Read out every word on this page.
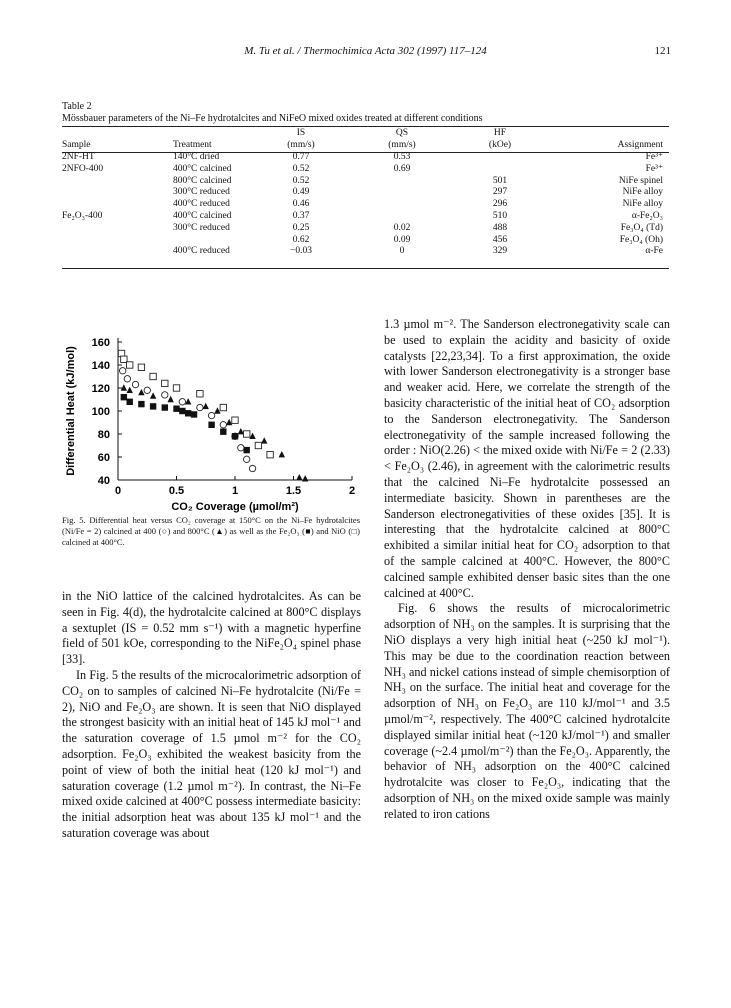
M. Tu et al. / Thermochimica Acta 302 (1997) 117–124	121
Table 2
Mössbauer parameters of the Ni–Fe hydrotalcites and NiFeO mixed oxides treated at different conditions
		IS	QS	HF	
Sample	Treatment	(mm/s)	(mm/s)	(kOe)	Assignment
2NF-HT	140°C dried	0.77	0.53		Fe³⁺
2NFO-400	400°C calcined	0.52	0.69		Fe³⁺
	800°C calcined	0.52		501	NiFe spinel
	300°C reduced	0.49		297	NiFe alloy
	400°C reduced	0.46		296	NiFe alloy
Fe₂O₃-400	400°C calcined	0.37		510	α-Fe₂O₃
	300°C reduced	0.25	0.02	488	Fe₃O₄ (Td)
		0.62	0.09	456	Fe₃O₄ (Oh)
	400°C reduced	−0.03	0	329	α-Fe
40
60
80
100
120
140
160
0	0.5	1	1.5	2
Differential Heat (kJ/mol)
CO₂ Coverage (µmol/m²)
Fig. 5. Differential heat versus CO₂ coverage at 150°C on the Ni–Fe hydrotalcites (Ni/Fe = 2) calcined at 400 (○) and 800°C (▲) as well as the Fe₂O₃ (■) and NiO (□) calcined at 400°C.

in the NiO lattice of the calcined hydrotalcites. As can be seen in Fig. 4(d), the hydrotalcite calcined at 800°C displays a sextuplet (IS = 0.52 mm s⁻¹) with a magnetic hyperfine field of 501 kOe, corresponding to the NiFe₂O₄ spinel phase [33].

In Fig. 5 the results of the microcalorimetric adsorption of CO₂ on to samples of calcined Ni–Fe hydrotalcite (Ni/Fe = 2), NiO and Fe₂O₃ are shown. It is seen that NiO displayed the strongest basicity with an initial heat of 145 kJ mol⁻¹ and the saturation coverage of 1.5 µmol m⁻² for the CO₂ adsorption. Fe₂O₃ exhibited the weakest basicity from the point of view of both the initial heat (120 kJ mol⁻¹) and saturation coverage (1.2 µmol m⁻²). In contrast, the Ni–Fe mixed oxide calcined at 400°C possess intermediate basicity: the initial adsorption heat was about 135 kJ mol⁻¹ and the saturation coverage was about

1.3 µmol m⁻². The Sanderson electronegativity scale can be used to explain the acidity and basicity of oxide catalysts [22,23,34]. To a first approximation, the oxide with lower Sanderson electronegativity is a stronger base and weaker acid. Here, we correlate the strength of the basicity characteristic of the initial heat of CO₂ adsorption to the Sanderson electronegativity. The Sanderson electronegativity of the sample increased following the order : NiO(2.26) < the mixed oxide with Ni/Fe = 2 (2.33) < Fe₂O₃ (2.46), in agreement with the calorimetric results that the calcined Ni–Fe hydrotalcite possessed an intermediate basicity. Shown in parentheses are the Sanderson electronegativities of these oxides [35]. It is interesting that the hydrotalcite calcined at 800°C exhibited a similar initial heat for CO₂ adsorption to that of the sample calcined at 400°C. However, the 800°C calcined sample exhibited denser basic sites than the one calcined at 400°C.

Fig. 6 shows the results of microcalorimetric adsorption of NH₃ on the samples. It is surprising that the NiO displays a very high initial heat (~250 kJ mol⁻¹). This may be due to the coordination reaction between NH₃ and nickel cations instead of simple chemisorption of NH₃ on the surface. The initial heat and coverage for the adsorption of NH₃ on Fe₂O₃ are 110 kJ/mol⁻¹ and 3.5 µmol/m⁻², respectively. The 400°C calcined hydrotalcite displayed similar initial heat (~120 kJ/mol⁻¹) and smaller coverage (~2.4 µmol/m⁻²) than the Fe₂O₃. Apparently, the behavior of NH₃ adsorption on the 400°C calcined hydrotalcite was closer to Fe₂O₃, indicating that the adsorption of NH₃ on the mixed oxide sample was mainly related to iron cations
